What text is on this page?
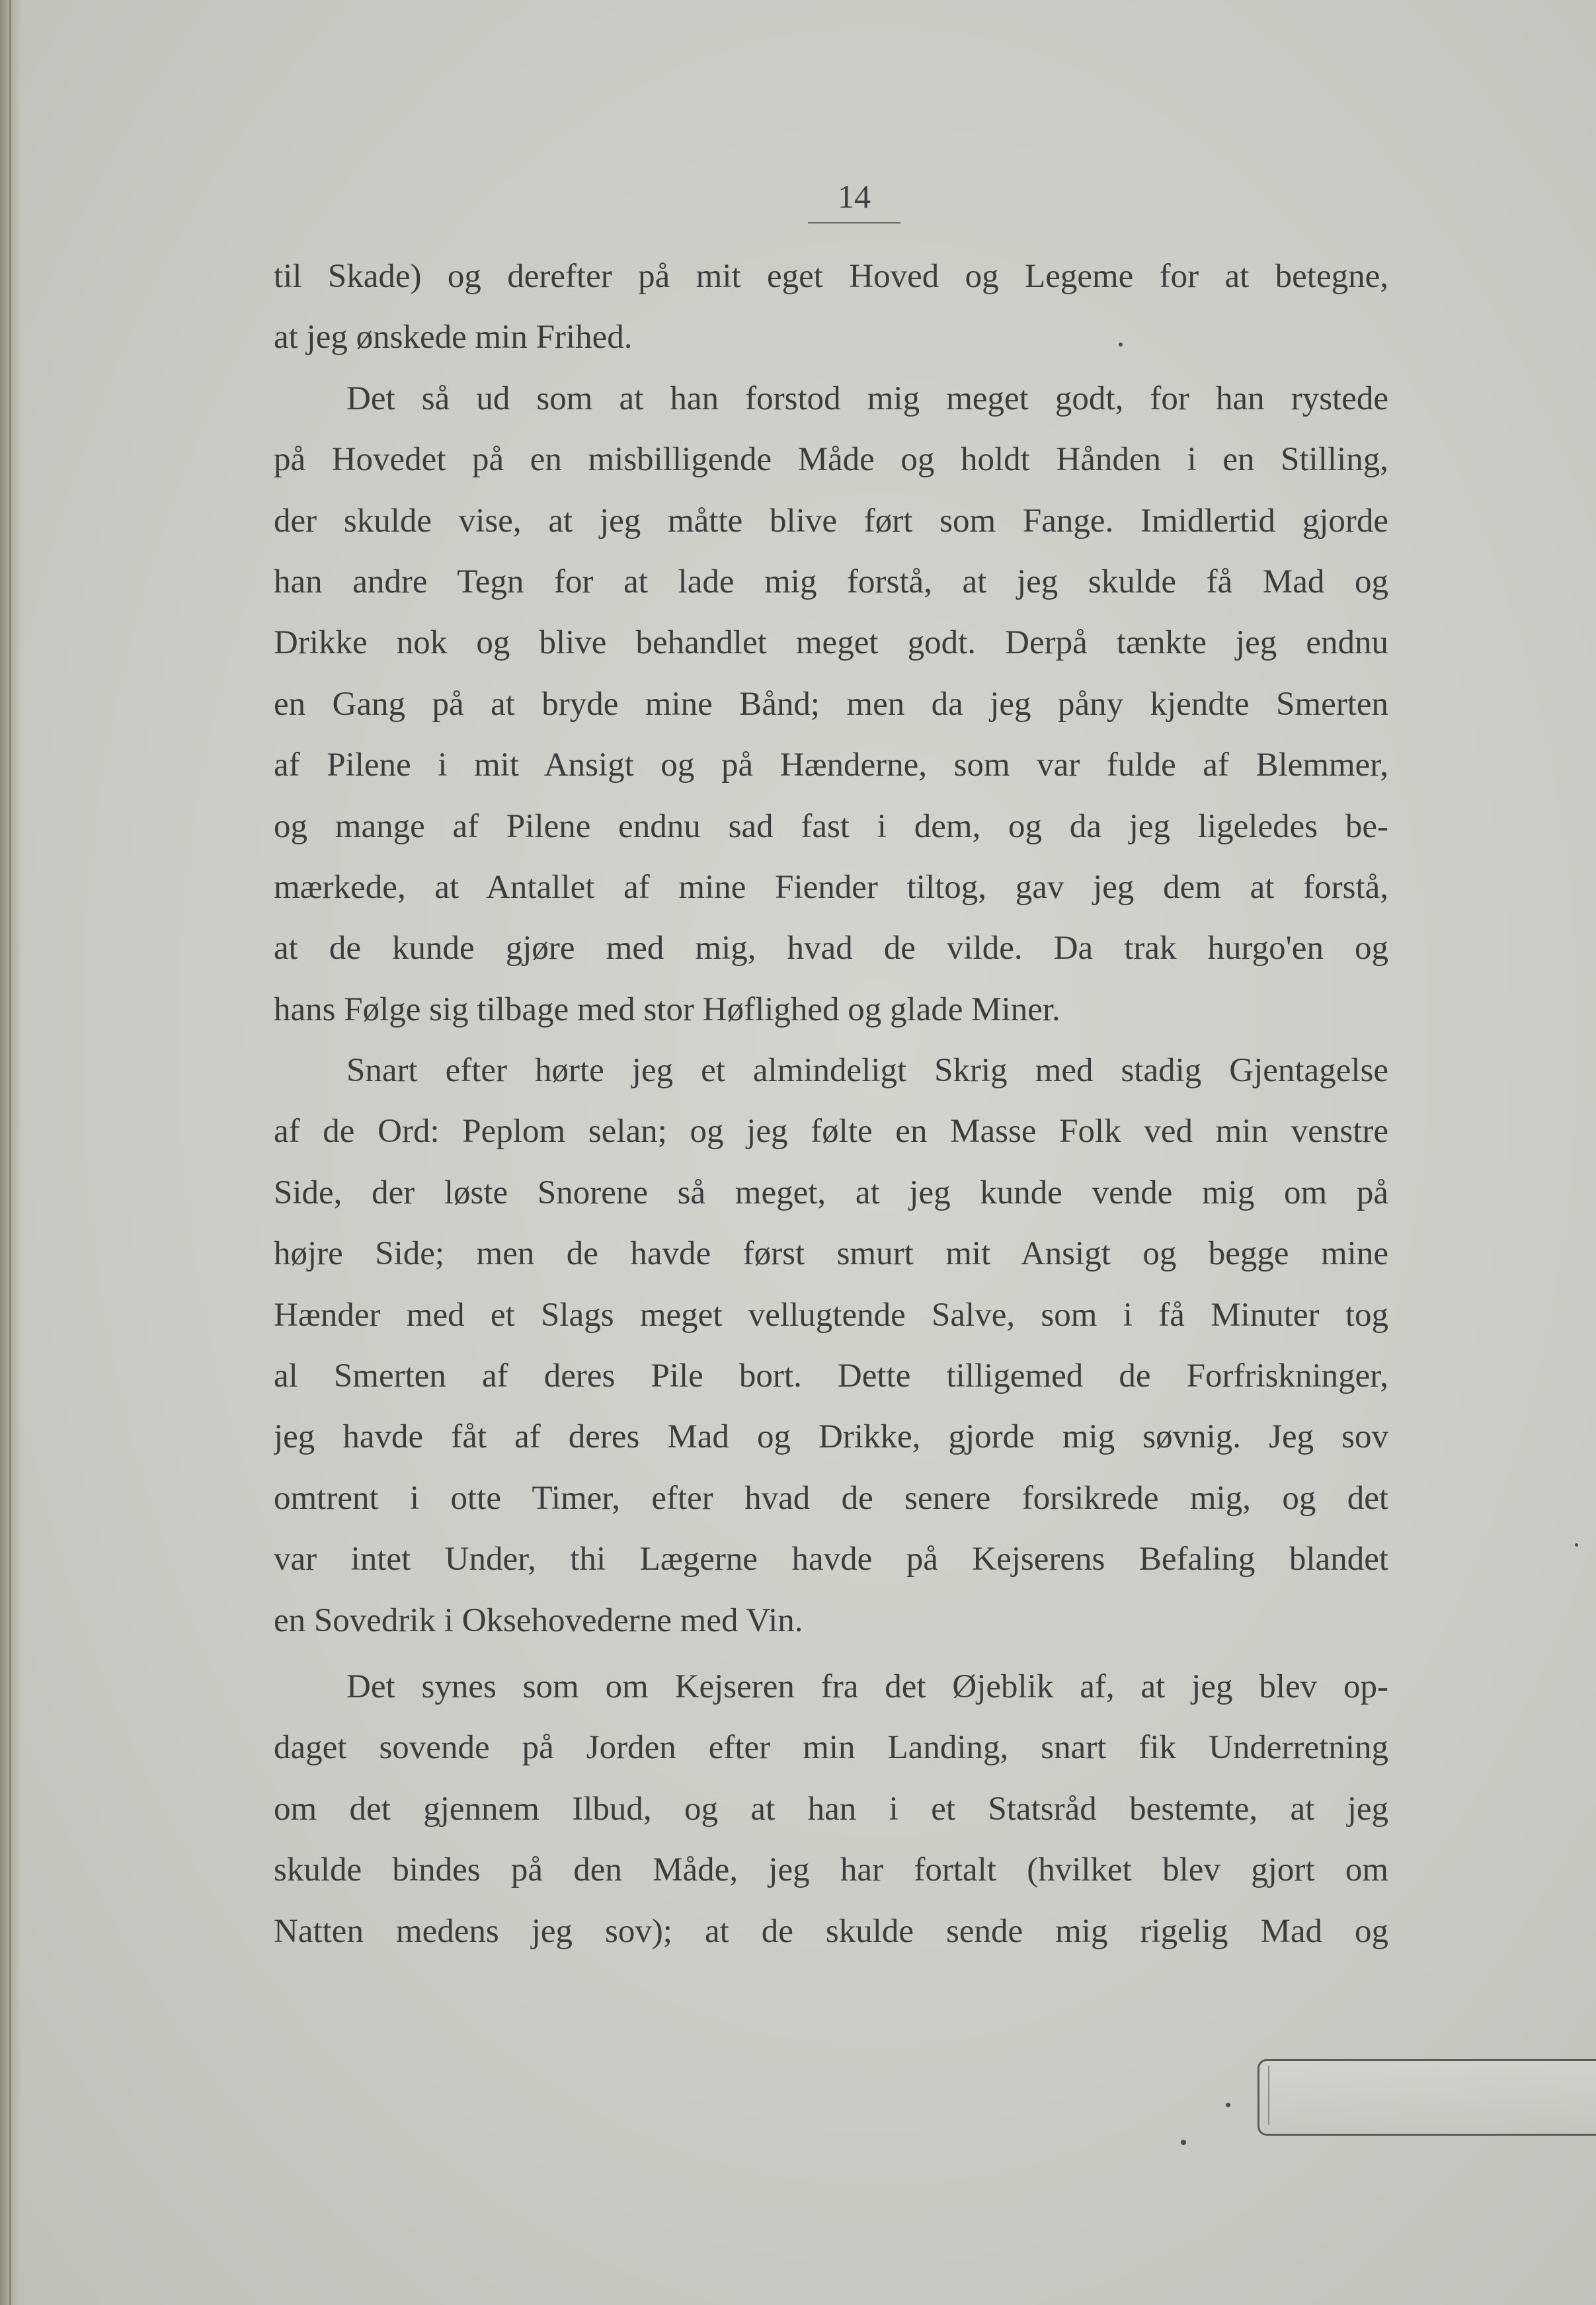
14
til Skade) og derefter på mit eget Hoved og Legeme for at betegne,
at jeg ønskede min Frihed.
Det så ud som at han forstod mig meget godt, for han rystede
på Hovedet på en misbilligende Måde og holdt Hånden i en Stilling,
der skulde vise, at jeg måtte blive ført som Fange. Imidlertid gjorde
han andre Tegn for at lade mig forstå, at jeg skulde få Mad og
Drikke nok og blive behandlet meget godt. Derpå tænkte jeg endnu
en Gang på at bryde mine Bånd; men da jeg påny kjendte Smerten
af Pilene i mit Ansigt og på Hænderne, som var fulde af Blemmer,
og mange af Pilene endnu sad fast i dem, og da jeg ligeledes be-
mærkede, at Antallet af mine Fiender tiltog, gav jeg dem at forstå,
at de kunde gjøre med mig, hvad de vilde. Da trak hurgo'en og
hans Følge sig tilbage med stor Høflighed og glade Miner.
Snart efter hørte jeg et almindeligt Skrig med stadig Gjentagelse
af de Ord: Peplom selan; og jeg følte en Masse Folk ved min venstre
Side, der løste Snorene så meget, at jeg kunde vende mig om på
højre Side; men de havde først smurt mit Ansigt og begge mine
Hænder med et Slags meget vellugtende Salve, som i få Minuter tog
al Smerten af deres Pile bort. Dette tilligemed de Forfriskninger,
jeg havde fåt af deres Mad og Drikke, gjorde mig søvnig. Jeg sov
omtrent i otte Timer, efter hvad de senere forsikrede mig, og det
var intet Under, thi Lægerne havde på Kejserens Befaling blandet
en Sovedrik i Oksehovederne med Vin.
Det synes som om Kejseren fra det Øjeblik af, at jeg blev op-
daget sovende på Jorden efter min Landing, snart fik Underretning
om det gjennem Ilbud, og at han i et Statsråd bestemte, at jeg
skulde bindes på den Måde, jeg har fortalt (hvilket blev gjort om
Natten medens jeg sov); at de skulde sende mig rigelig Mad og
